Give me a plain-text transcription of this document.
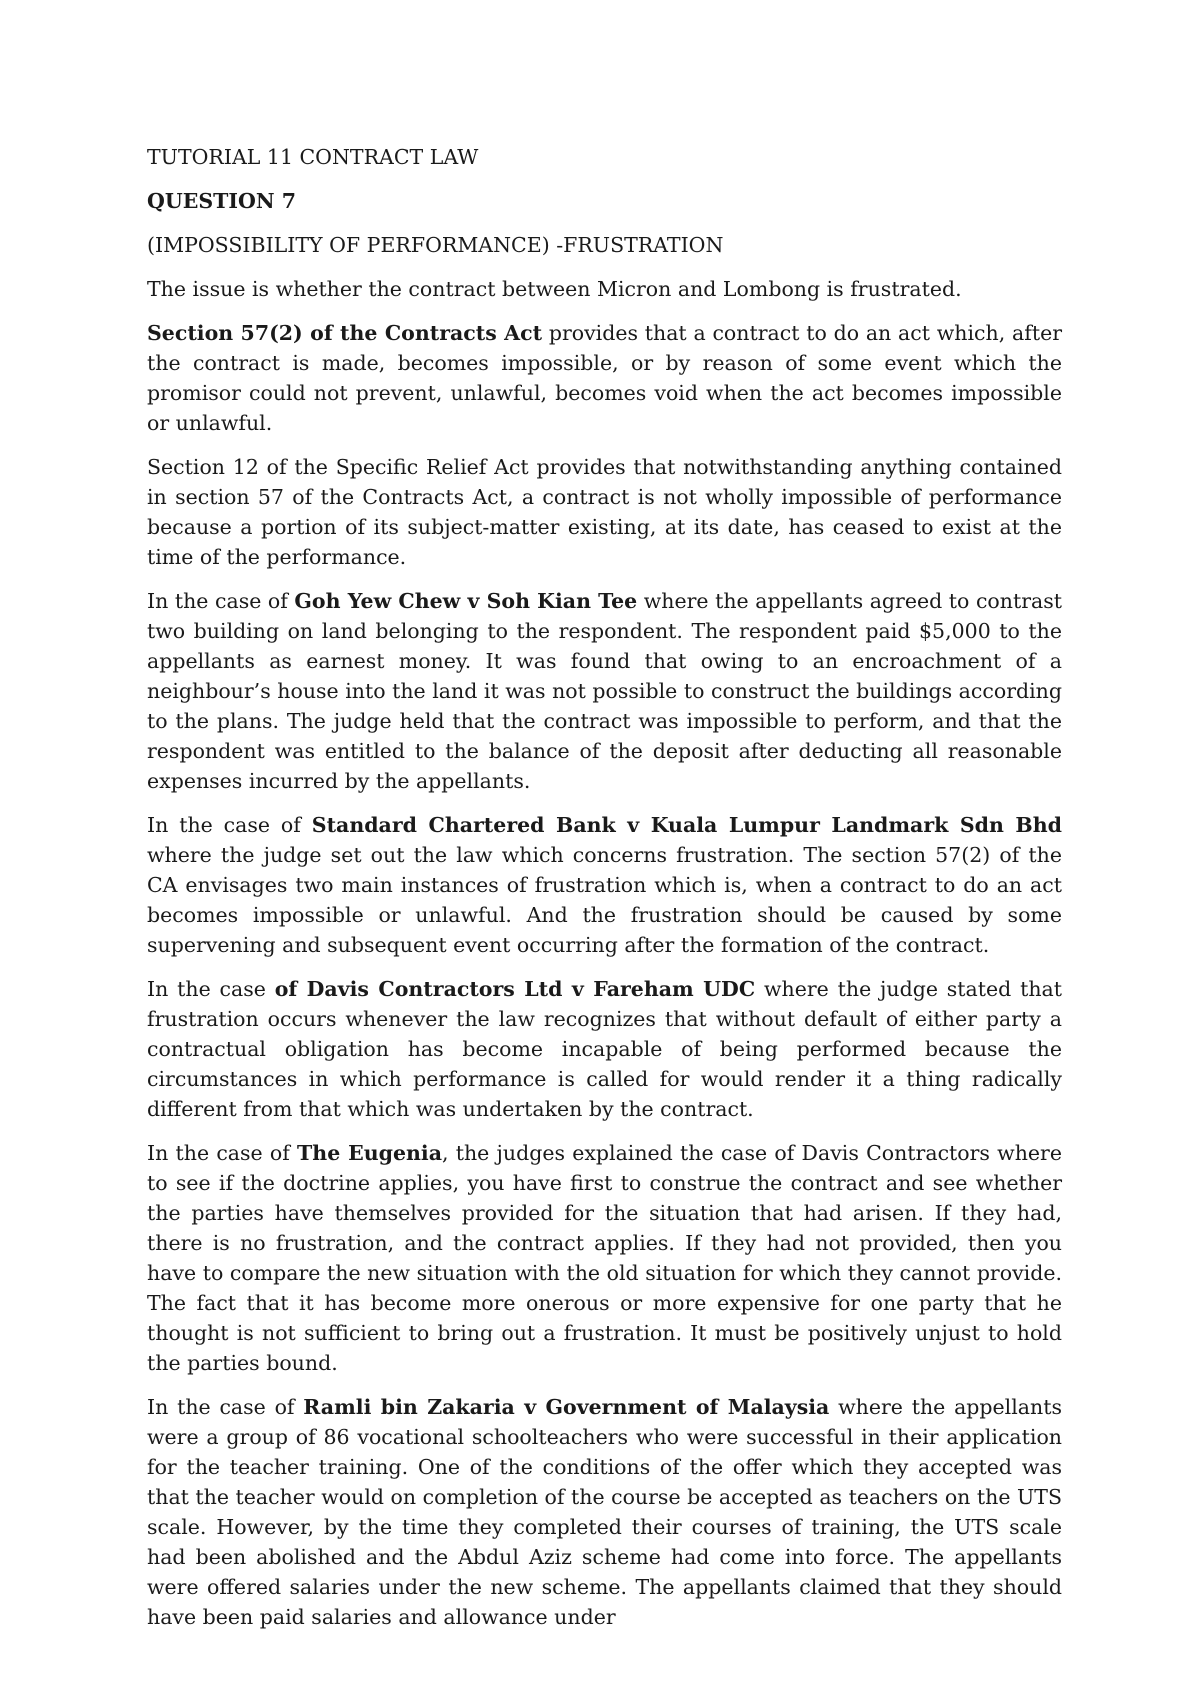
TUTORIAL 11 CONTRACT LAW

QUESTION 7

(IMPOSSIBILITY OF PERFORMANCE) -FRUSTRATION

The issue is whether the contract between Micron and Lombong is frustrated.

Section 57(2) of the Contracts Act provides that a contract to do an act which, after the contract is made, becomes impossible, or by reason of some event which the promisor could not prevent, unlawful, becomes void when the act becomes impossible or unlawful.

Section 12 of the Specific Relief Act provides that notwithstanding anything contained in section 57 of the Contracts Act, a contract is not wholly impossible of performance because a portion of its subject-matter existing, at its date, has ceased to exist at the time of the performance.

In the case of Goh Yew Chew v Soh Kian Tee where the appellants agreed to contrast two building on land belonging to the respondent. The respondent paid $5,000 to the appellants as earnest money. It was found that owing to an encroachment of a neighbour’s house into the land it was not possible to construct the buildings according to the plans. The judge held that the contract was impossible to perform, and that the respondent was entitled to the balance of the deposit after deducting all reasonable expenses incurred by the appellants.

In the case of Standard Chartered Bank v Kuala Lumpur Landmark Sdn Bhd where the judge set out the law which concerns frustration. The section 57(2) of the CA envisages two main instances of frustration which is, when a contract to do an act becomes impossible or unlawful. And the frustration should be caused by some supervening and subsequent event occurring after the formation of the contract.

In the case of Davis Contractors Ltd v Fareham UDC where the judge stated that frustration occurs whenever the law recognizes that without default of either party a contractual obligation has become incapable of being performed because the circumstances in which performance is called for would render it a thing radically different from that which was undertaken by the contract.

In the case of The Eugenia, the judges explained the case of Davis Contractors where to see if the doctrine applies, you have first to construe the contract and see whether the parties have themselves provided for the situation that had arisen. If they had, there is no frustration, and the contract applies. If they had not provided, then you have to compare the new situation with the old situation for which they cannot provide. The fact that it has become more onerous or more expensive for one party that he thought is not sufficient to bring out a frustration. It must be positively unjust to hold the parties bound.

In the case of Ramli bin Zakaria v Government of Malaysia where the appellants were a group of 86 vocational schoolteachers who were successful in their application for the teacher training. One of the conditions of the offer which they accepted was that the teacher would on completion of the course be accepted as teachers on the UTS scale. However, by the time they completed their courses of training, the UTS scale had been abolished and the Abdul Aziz scheme had come into force. The appellants were offered salaries under the new scheme. The appellants claimed that they should have been paid salaries and allowance under
